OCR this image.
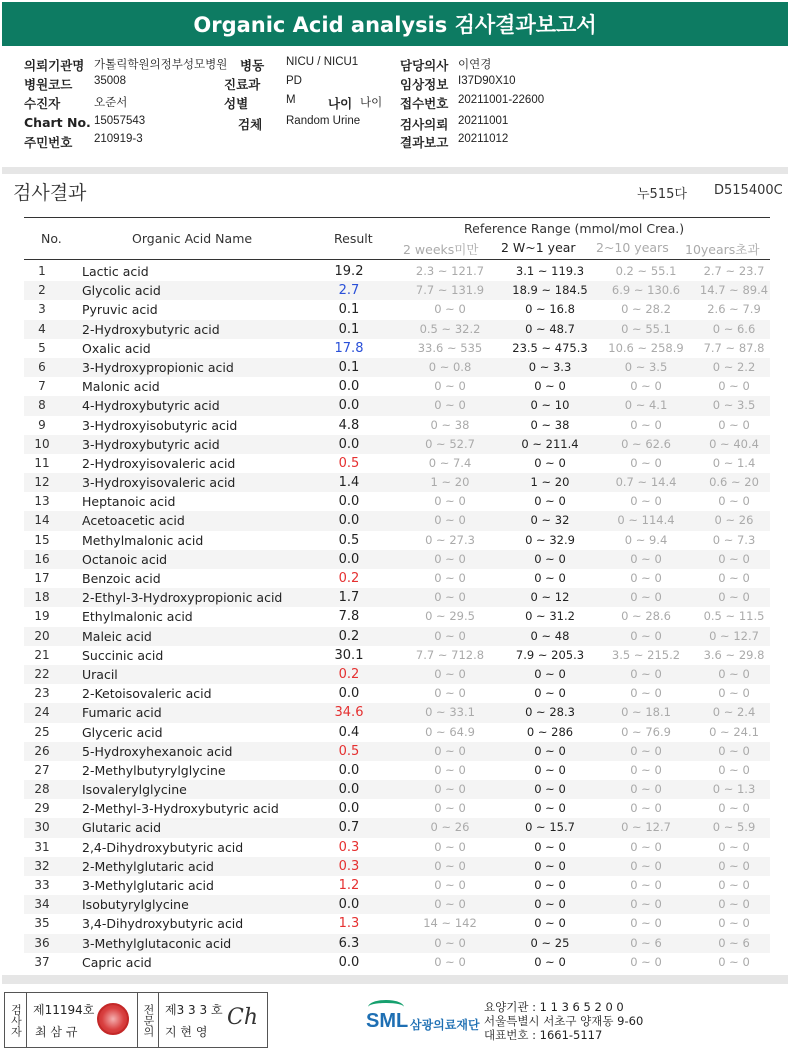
Organic Acid analysis 검사결과보고서
의뢰기관명 가톨릭학원의정부성모병원 병동 NICU / NICU1	담당의사 이연경
병원코드 35008	진료과 PD	임상정보 I37D90X10
수진자	오준서	성별	M	나이 나이 접수번호 20211001-22600
Chart No. 15057543	검체 Random Urine	검사의뢰 20211001
주민번호 210919-3	결과보고 20211012
검사결과	누515다 D515400C
No.	Organic Acid Name	Result
Reference Range (mmol/mol Crea.)
2 weeks미만 2 W~1 year 2~10 years 10years초과
1	Lactic acid	19.2	2.3 ~ 121.7	3.1 ~ 119.3	0.2 ~ 55.1	2.7 ~ 23.7
2	Glycolic acid	2.7	7.7 ~ 131.9	18.9 ~ 184.5	6.9 ~ 130.6	14.7 ~ 89.4
3	Pyruvic acid	0.1	0 ~ 0	0 ~ 16.8	0 ~ 28.2	2.6 ~ 7.9
4	2-Hydroxybutyric acid	0.1	0.5 ~ 32.2	0 ~ 48.7	0 ~ 55.1	0 ~ 6.6
5	Oxalic acid	17.8	33.6 ~ 535	23.5 ~ 475.3	10.6 ~ 258.9	7.7 ~ 87.8
6	3-Hydroxypropionic acid	0.1	0 ~ 0.8	0 ~ 3.3	0 ~ 3.5	0 ~ 2.2
7	Malonic acid	0.0	0 ~ 0	0 ~ 0	0 ~ 0	0 ~ 0
8	4-Hydroxybutyric acid	0.0	0 ~ 0	0 ~ 10	0 ~ 4.1	0 ~ 3.5
9	3-Hydroxyisobutyric acid	4.8	0 ~ 38	0 ~ 38	0 ~ 0	0 ~ 0
10	3-Hydroxybutyric acid	0.0	0 ~ 52.7	0 ~ 211.4	0 ~ 62.6	0 ~ 40.4
11	2-Hydroxyisovaleric acid	0.5	0 ~ 7.4	0 ~ 0	0 ~ 0	0 ~ 1.4
12	3-Hydroxyisovaleric acid	1.4	1 ~ 20	1 ~ 20	0.7 ~ 14.4	0.6 ~ 20
13	Heptanoic acid	0.0	0 ~ 0	0 ~ 0	0 ~ 0	0 ~ 0
14	Acetoacetic acid	0.0	0 ~ 0	0 ~ 32	0 ~ 114.4	0 ~ 26
15	Methylmalonic acid	0.5	0 ~ 27.3	0 ~ 32.9	0 ~ 9.4	0 ~ 7.3
16	Octanoic acid	0.0	0 ~ 0	0 ~ 0	0 ~ 0	0 ~ 0
17	Benzoic acid	0.2	0 ~ 0	0 ~ 0	0 ~ 0	0 ~ 0
18	2-Ethyl-3-Hydroxypropionic acid	1.7	0 ~ 0	0 ~ 12	0 ~ 0	0 ~ 0
19	Ethylmalonic acid	7.8	0 ~ 29.5	0 ~ 31.2	0 ~ 28.6	0.5 ~ 11.5
20	Maleic acid	0.2	0 ~ 0	0 ~ 48	0 ~ 0	0 ~ 12.7
21	Succinic acid	30.1	7.7 ~ 712.8	7.9 ~ 205.3	3.5 ~ 215.2	3.6 ~ 29.8
22	Uracil	0.2	0 ~ 0	0 ~ 0	0 ~ 0	0 ~ 0
23	2-Ketoisovaleric acid	0.0	0 ~ 0	0 ~ 0	0 ~ 0	0 ~ 0
24	Fumaric acid	34.6	0 ~ 33.1	0 ~ 28.3	0 ~ 18.1	0 ~ 2.4
25	Glyceric acid	0.4	0 ~ 64.9	0 ~ 286	0 ~ 76.9	0 ~ 24.1
26	5-Hydroxyhexanoic acid	0.5	0 ~ 0	0 ~ 0	0 ~ 0	0 ~ 0
27	2-Methylbutyrylglycine	0.0	0 ~ 0	0 ~ 0	0 ~ 0	0 ~ 0
28	Isovalerylglycine	0.0	0 ~ 0	0 ~ 0	0 ~ 0	0 ~ 1.3
29	2-Methyl-3-Hydroxybutyric acid	0.0	0 ~ 0	0 ~ 0	0 ~ 0	0 ~ 0
30	Glutaric acid	0.7	0 ~ 26	0 ~ 15.7	0 ~ 12.7	0 ~ 5.9
31	2,4-Dihydroxybutyric acid	0.3	0 ~ 0	0 ~ 0	0 ~ 0	0 ~ 0
32	2-Methylglutaric acid	0.3	0 ~ 0	0 ~ 0	0 ~ 0	0 ~ 0
33	3-Methylglutaric acid	1.2	0 ~ 0	0 ~ 0	0 ~ 0	0 ~ 0
34	Isobutyrylglycine	0.0	0 ~ 0	0 ~ 0	0 ~ 0	0 ~ 0
35	3,4-Dihydroxybutyric acid	1.3	14 ~ 142	0 ~ 0	0 ~ 0	0 ~ 0
36	3-Methylglutaconic acid	6.3	0 ~ 0	0 ~ 25	0 ~ 6	0 ~ 6
37	Capric acid	0.0	0 ~ 0	0 ~ 0	0 ~ 0	0 ~ 0
검사자 제11194호
최 삼 규	전문의 제3 3 3 호
지 현 영
Ch	SML 삼광의료재단
요양기관 : 1 1 3 6 5 2 0 0
서울특별시 서초구 양재동 9-60
대표번호 : 1661-5117
